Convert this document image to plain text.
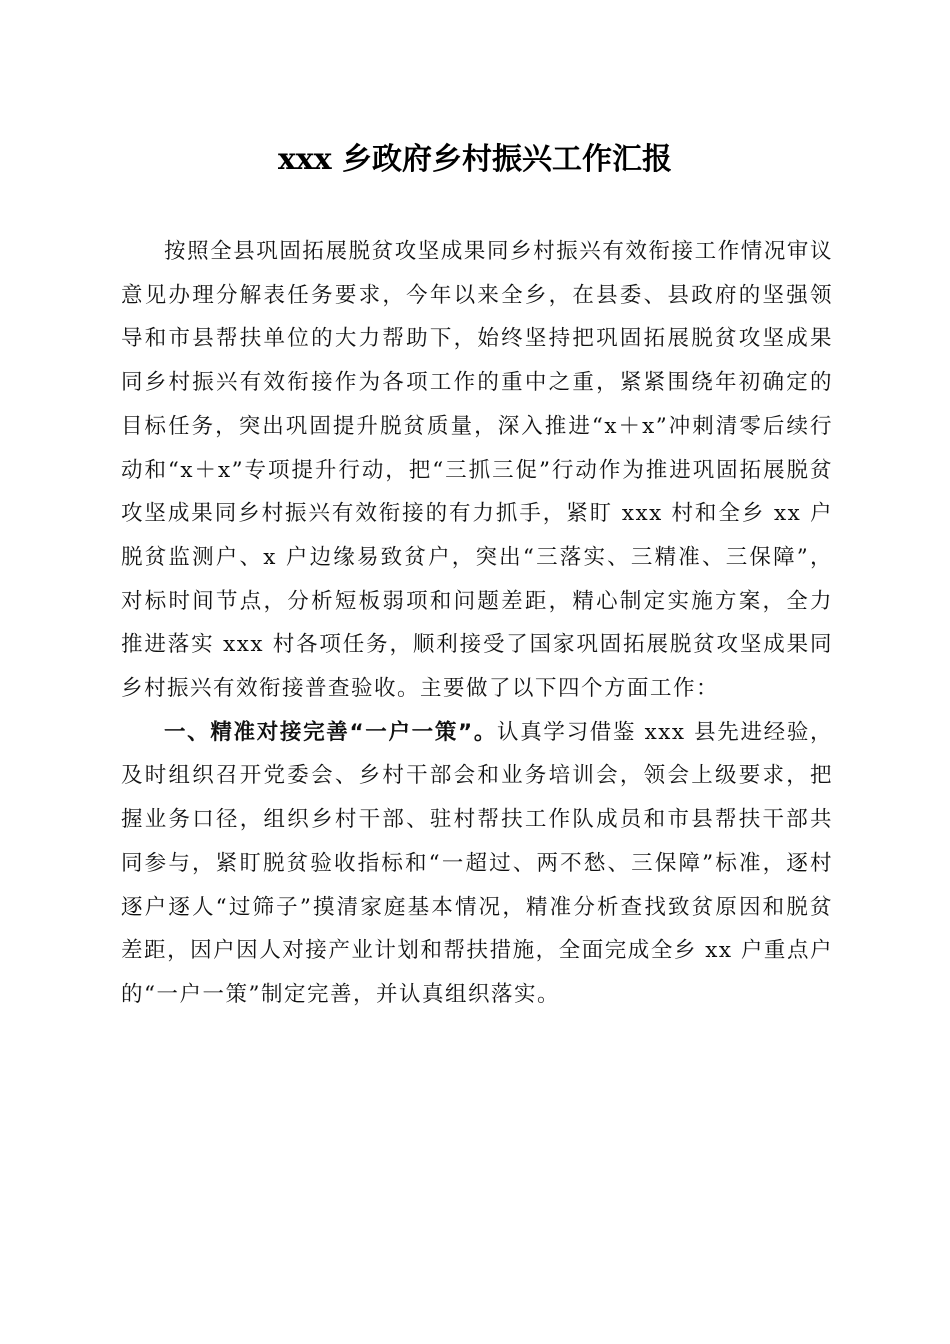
xxx 乡政府乡村振兴工作汇报

按照全县巩固拓展脱贫攻坚成果同乡村振兴有效衔接工作情况审议意见办理分解表任务要求，今年以来全乡，在县委、县政府的坚强领导和市县帮扶单位的大力帮助下，始终坚持把巩固拓展脱贫攻坚成果同乡村振兴有效衔接作为各项工作的重中之重，紧紧围绕年初确定的目标任务，突出巩固提升脱贫质量，深入推进“x＋x”冲刺清零后续行动和“x＋x”专项提升行动，把“三抓三促”行动作为推进巩固拓展脱贫攻坚成果同乡村振兴有效衔接的有力抓手，紧盯 xxx 村和全乡 xx 户脱贫监测户、x 户边缘易致贫户，突出“三落实、三精准、三保障”，对标时间节点，分析短板弱项和问题差距，精心制定实施方案，全力推进落实 xxx 村各项任务，顺利接受了国家巩固拓展脱贫攻坚成果同乡村振兴有效衔接普查验收。主要做了以下四个方面工作：

一、精准对接完善“一户一策”。认真学习借鉴 xxx 县先进经验，及时组织召开党委会、乡村干部会和业务培训会，领会上级要求，把握业务口径，组织乡村干部、驻村帮扶工作队成员和市县帮扶干部共同参与，紧盯脱贫验收指标和“一超过、两不愁、三保障”标准，逐村逐户逐人“过筛子”摸清家庭基本情况，精准分析查找致贫原因和脱贫差距，因户因人对接产业计划和帮扶措施，全面完成全乡 xx 户重点户的“一户一策”制定完善，并认真组织落实。
